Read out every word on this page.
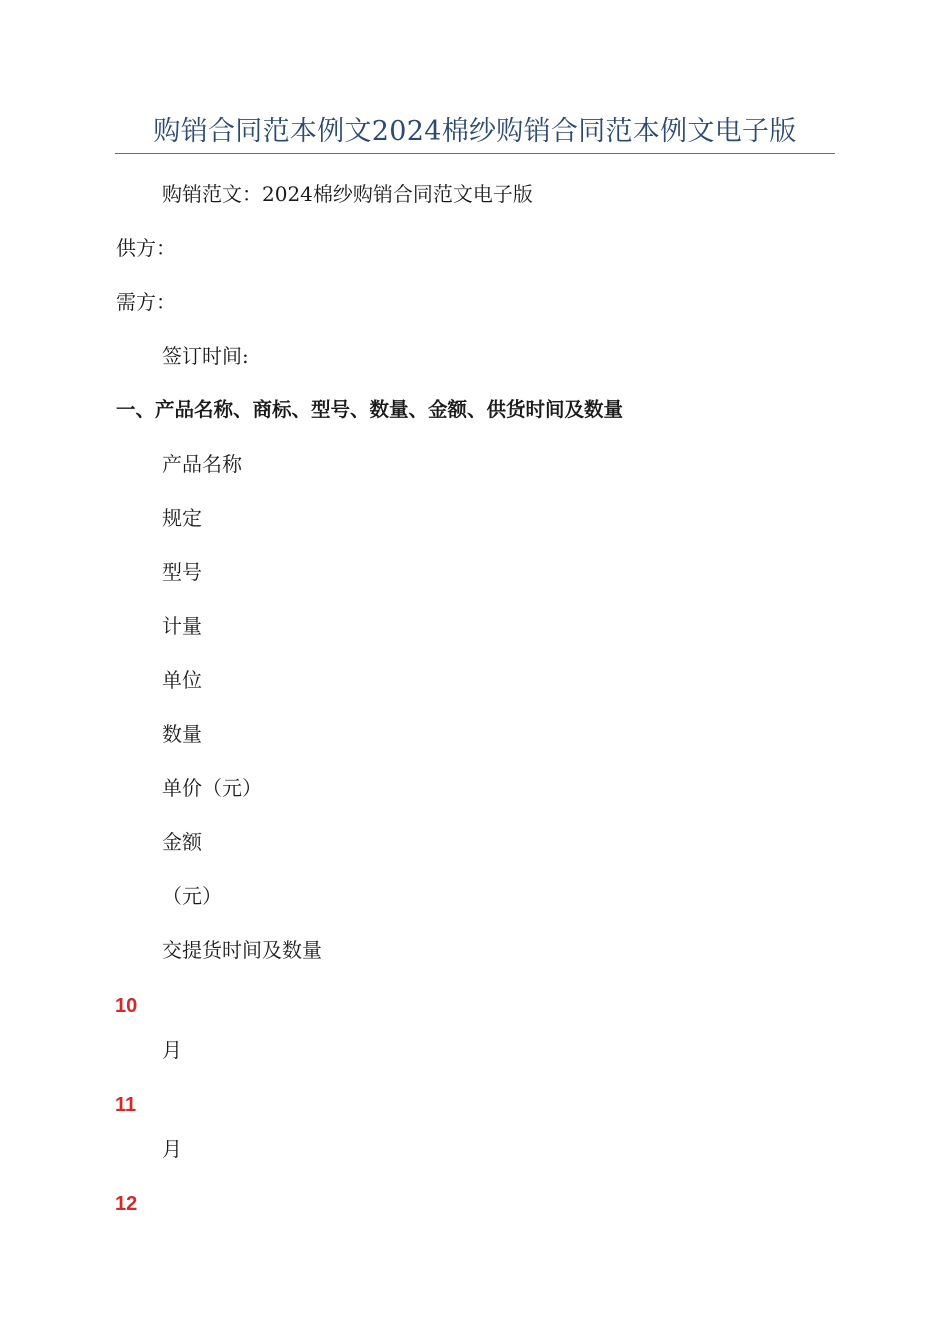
购销合同范本例文2024棉纱购销合同范本例文电子版
购销范文：2024棉纱购销合同范文电子版
供方：
需方：
签订时间:
一、产品名称、商标、型号、数量、金额、供货时间及数量
产品名称
规定
型号
计量
单位
数量
单价（元）
金额
（元）
交提货时间及数量
10
月
11
月
12
